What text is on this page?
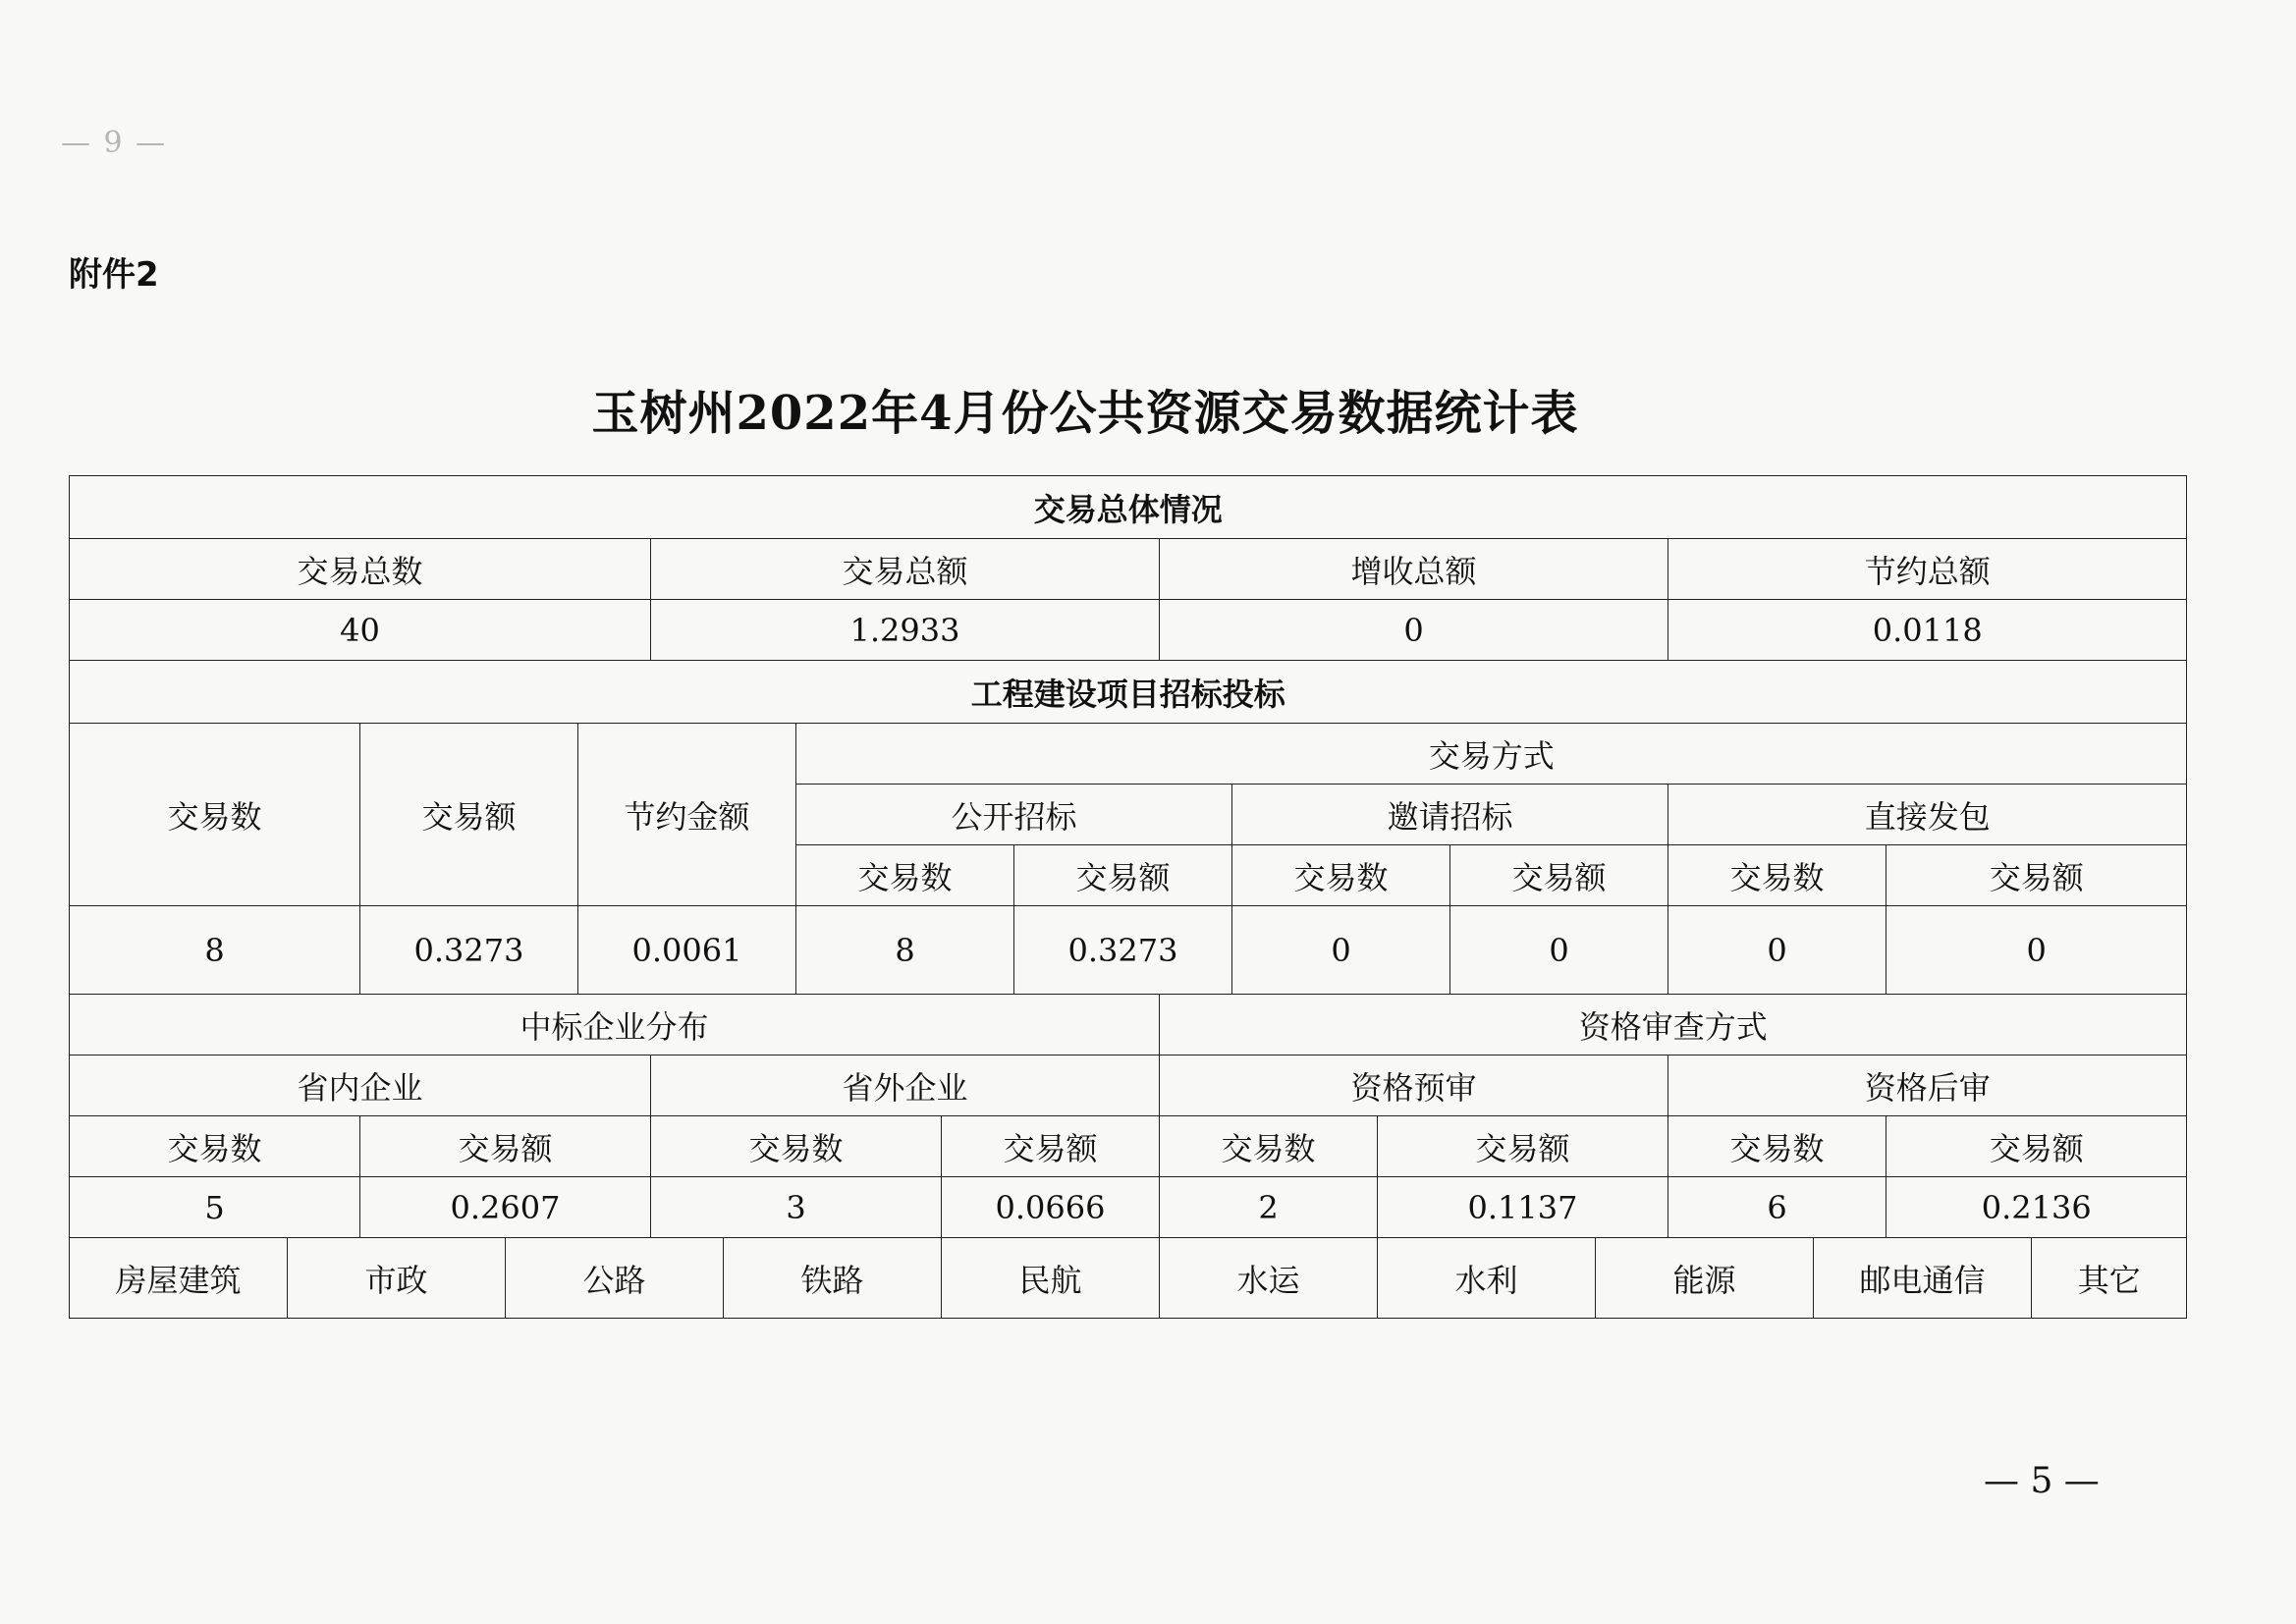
— 9 —
附件2
玉树州2022年4月份公共资源交易数据统计表
交易总体情况																		
交易总数					交易总额					增收总额					节约总额			
40					1.2933					0					0.0118			
工程建设项目招标投标																		
交易数		交易额		节约金额			交易方式											
							公开招标				邀请招标				直接发包			
							交易数		交易额		交易数		交易额		交易数		交易额	
8		0.3273		0.0061			8		0.3273		0		0		0		0	
中标企业分布										资格审查方式								
省内企业					省外企业					资格预审					资格后审			
交易数		交易额			交易数			交易额		交易数		交易额			交易数		交易额	
5		0.2607			3			0.0666		2		0.1137			6		0.2136	
房屋建筑	市政		公路			铁路		民航		水运		水利		能源		邮电通信		其它
— 5 —
